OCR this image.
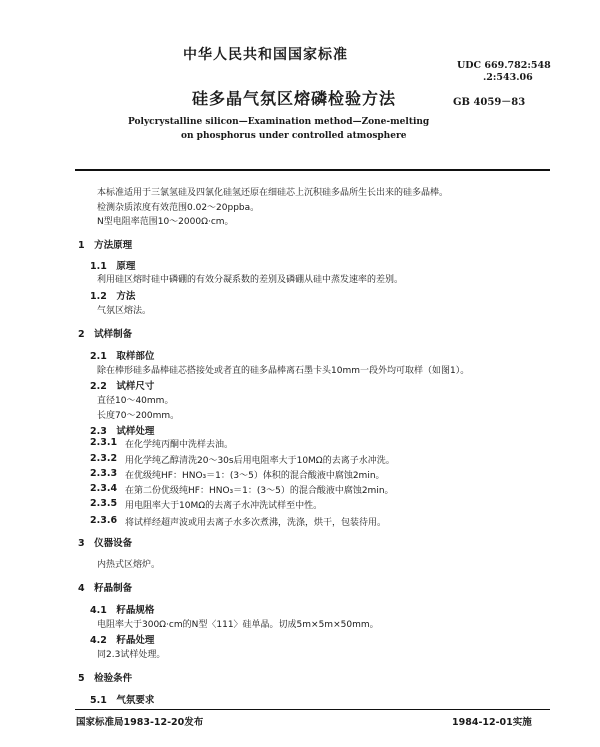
中华人民共和国国家标准
UDC 669.782:548
.2:543.06
硅多晶气氛区熔磷检验方法	GB 4059－83
Polycrystalline silicon—Examination method—Zone-melting
on phosphorus under controlled atmosphere
本标准适用于三氯氢硅及四氯化硅氢还原在细硅芯上沉积硅多晶所生长出来的硅多晶棒。
检测杂质浓度有效范围0.02～20ppba。
N型电阻率范围10～2000Ω·cm。
1　方法原理
1.1　原理
利用硅区熔时硅中磷硼的有效分凝系数的差别及磷硼从硅中蒸发速率的差别。
1.2　方法
气氛区熔法。
2　试样制备
2.1　取样部位
除在棒形硅多晶棒硅芯搭接处或者直的硅多晶棒离石墨卡头10mm一段外均可取样（如图1）。
2.2　试样尺寸
直径10～40mm。
长度70～200mm。
2.3　试样处理
2.3.1 在化学纯丙酮中洗样去油。
2.3.2 用化学纯乙醇清洗20～30s后用电阻率大于10MΩ的去离子水冲洗。
2.3.3 在优级纯HF：HNO₃＝1：(3～5）体积的混合酸液中腐蚀2min。
2.3.4 在第二份优级纯HF：HNO₃＝1：(3～5）的混合酸液中腐蚀2min。
2.3.5 用电阻率大于10MΩ的去离子水冲洗试样至中性。
2.3.6 将试样经超声波或用去离子水多次煮沸，洗涤，烘干，包装待用。
3　仪器设备
内热式区熔炉。
4　籽晶制备
4.1　籽晶规格
电阻率大于300Ω·cm的N型〈111〉硅单晶。切成5m×5m×50mm。
4.2　籽晶处理
同2.3试样处理。
5　检验条件
5.1　气氛要求
国家标准局1983-12-20发布	1984-12-01实施
